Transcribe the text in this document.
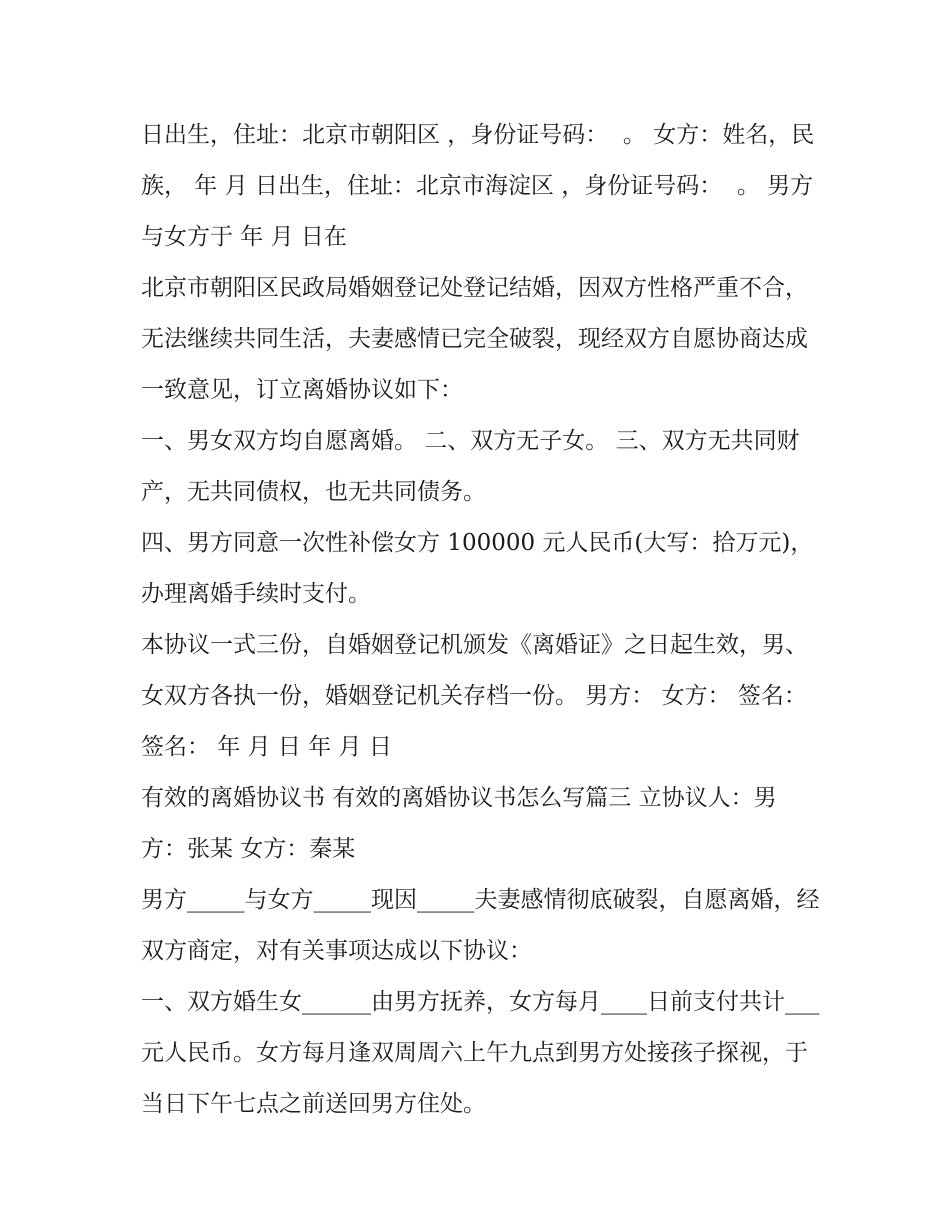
日出生，住址：北京市朝阳区 ，身份证号码：  。 女方：姓名，民族， 年 月 日出生，住址：北京市海淀区 ，身份证号码：  。 男方与女方于 年 月 日在

北京市朝阳区民政局婚姻登记处登记结婚，因双方性格严重不合，无法继续共同生活，夫妻感情已完全破裂，现经双方自愿协商达成一致意见，订立离婚协议如下：

一、男女双方均自愿离婚。 二、双方无子女。 三、双方无共同财产，无共同债权，也无共同债务。

四、男方同意一次性补偿女方 100000 元人民币(大写：拾万元)，办理离婚手续时支付。

本协议一式三份，自婚姻登记机颁发《离婚证》之日起生效，男、女双方各执一份，婚姻登记机关存档一份。 男方： 女方： 签名： 签名： 年 月 日 年 月 日

有效的离婚协议书 有效的离婚协议书怎么写篇三 立协议人：男方：张某 女方：秦某

男方_____与女方_____现因_____夫妻感情彻底破裂，自愿离婚，经双方商定，对有关事项达成以下协议：

一、双方婚生女______由男方抚养，女方每月____日前支付共计___元人民币。女方每月逢双周周六上午九点到男方处接孩子探视，于当日下午七点之前送回男方住处。
